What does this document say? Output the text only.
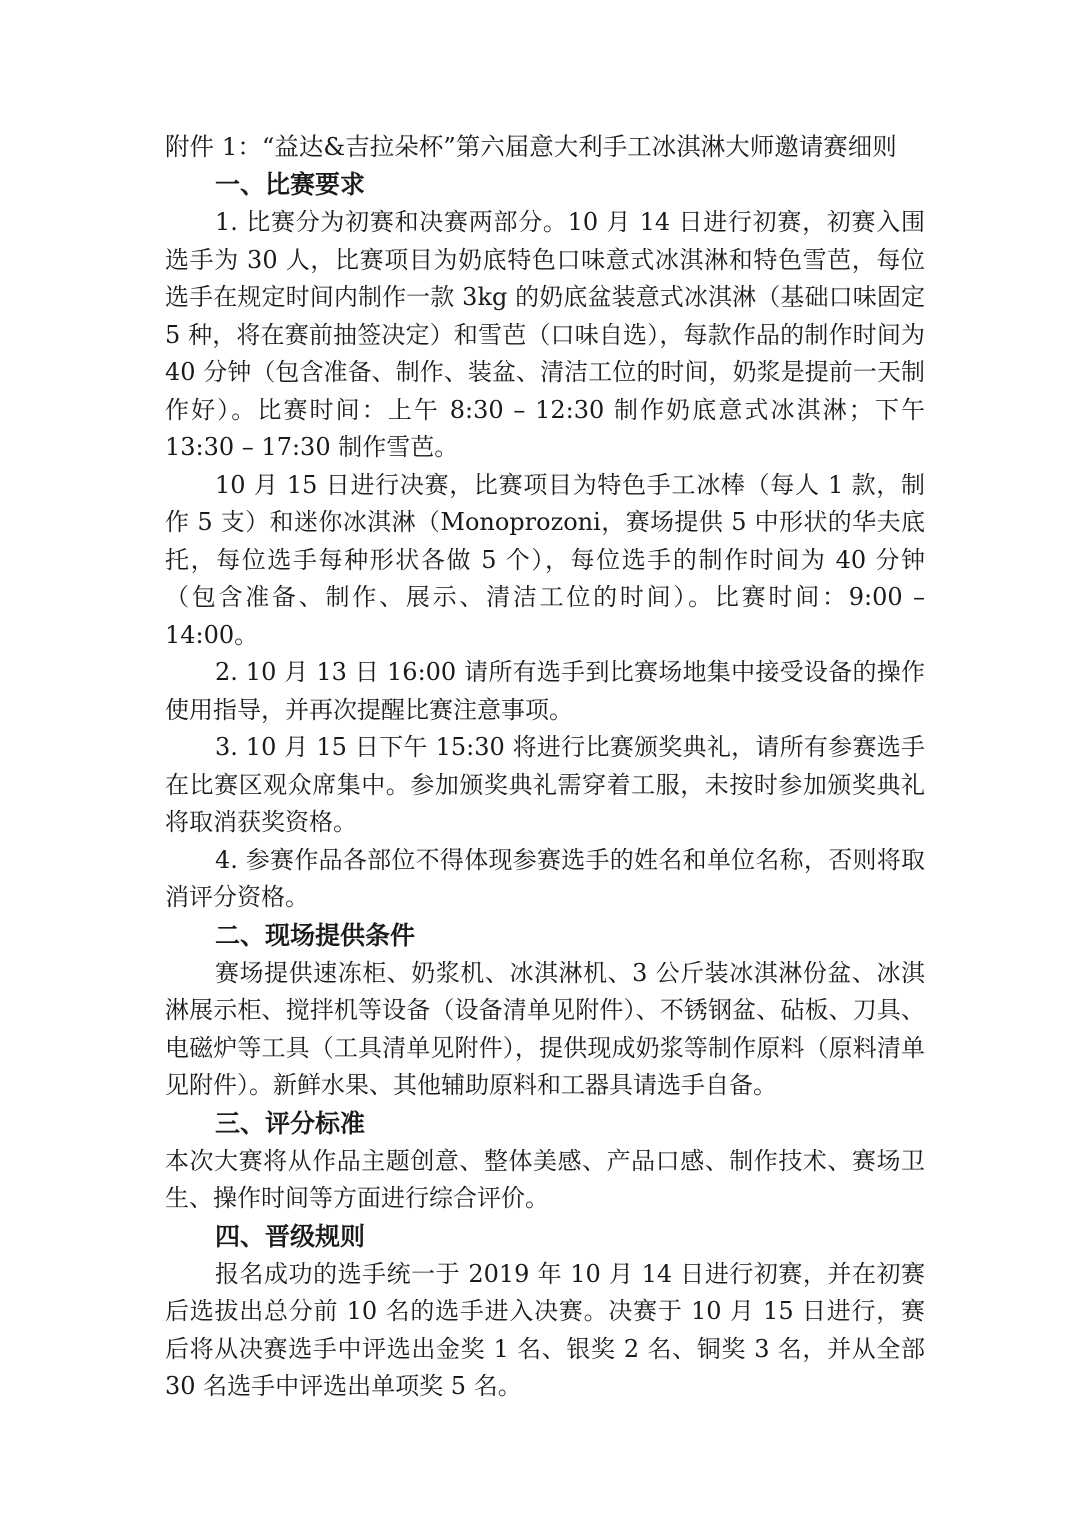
附件 1：“益达&吉拉朵杯”第六届意大利手工冰淇淋大师邀请赛细则

一、比赛要求

1. 比赛分为初赛和决赛两部分。10 月 14 日进行初赛，初赛入围选手为 30 人，比赛项目为奶底特色口味意式冰淇淋和特色雪芭，每位选手在规定时间内制作一款 3kg 的奶底盆装意式冰淇淋（基础口味固定5 种，将在赛前抽签决定）和雪芭（口味自选），每款作品的制作时间为 40 分钟（包含准备、制作、装盆、清洁工位的时间，奶浆是提前一天制作好）。比赛时间：上午 8:30 – 12:30 制作奶底意式冰淇淋；下午 13:30 – 17:30 制作雪芭。

10 月 15 日进行决赛，比赛项目为特色手工冰棒（每人 1 款，制作 5 支）和迷你冰淇淋（Monoprozoni，赛场提供 5 中形状的华夫底托，每位选手每种形状各做 5 个），每位选手的制作时间为 40 分钟（包含准备、制作、展示、清洁工位的时间）。比赛时间：9:00 – 14:00。

2. 10 月 13 日 16:00 请所有选手到比赛场地集中接受设备的操作使用指导，并再次提醒比赛注意事项。

3. 10 月 15 日下午 15:30 将进行比赛颁奖典礼，请所有参赛选手在比赛区观众席集中。参加颁奖典礼需穿着工服，未按时参加颁奖典礼将取消获奖资格。

4. 参赛作品各部位不得体现参赛选手的姓名和单位名称，否则将取消评分资格。

二、现场提供条件

赛场提供速冻柜、奶浆机、冰淇淋机、3 公斤装冰淇淋份盆、冰淇淋展示柜、搅拌机等设备（设备清单见附件）、不锈钢盆、砧板、刀具、电磁炉等工具（工具清单见附件），提供现成奶浆等制作原料（原料清单见附件）。新鲜水果、其他辅助原料和工器具请选手自备。

三、评分标准

本次大赛将从作品主题创意、整体美感、产品口感、制作技术、赛场卫生、操作时间等方面进行综合评价。

四、晋级规则

报名成功的选手统一于 2019 年 10 月 14 日进行初赛，并在初赛后选拔出总分前 10 名的选手进入决赛。决赛于 10 月 15 日进行，赛后将从决赛选手中评选出金奖 1 名、银奖 2 名、铜奖 3 名，并从全部 30 名选手中评选出单项奖 5 名。
